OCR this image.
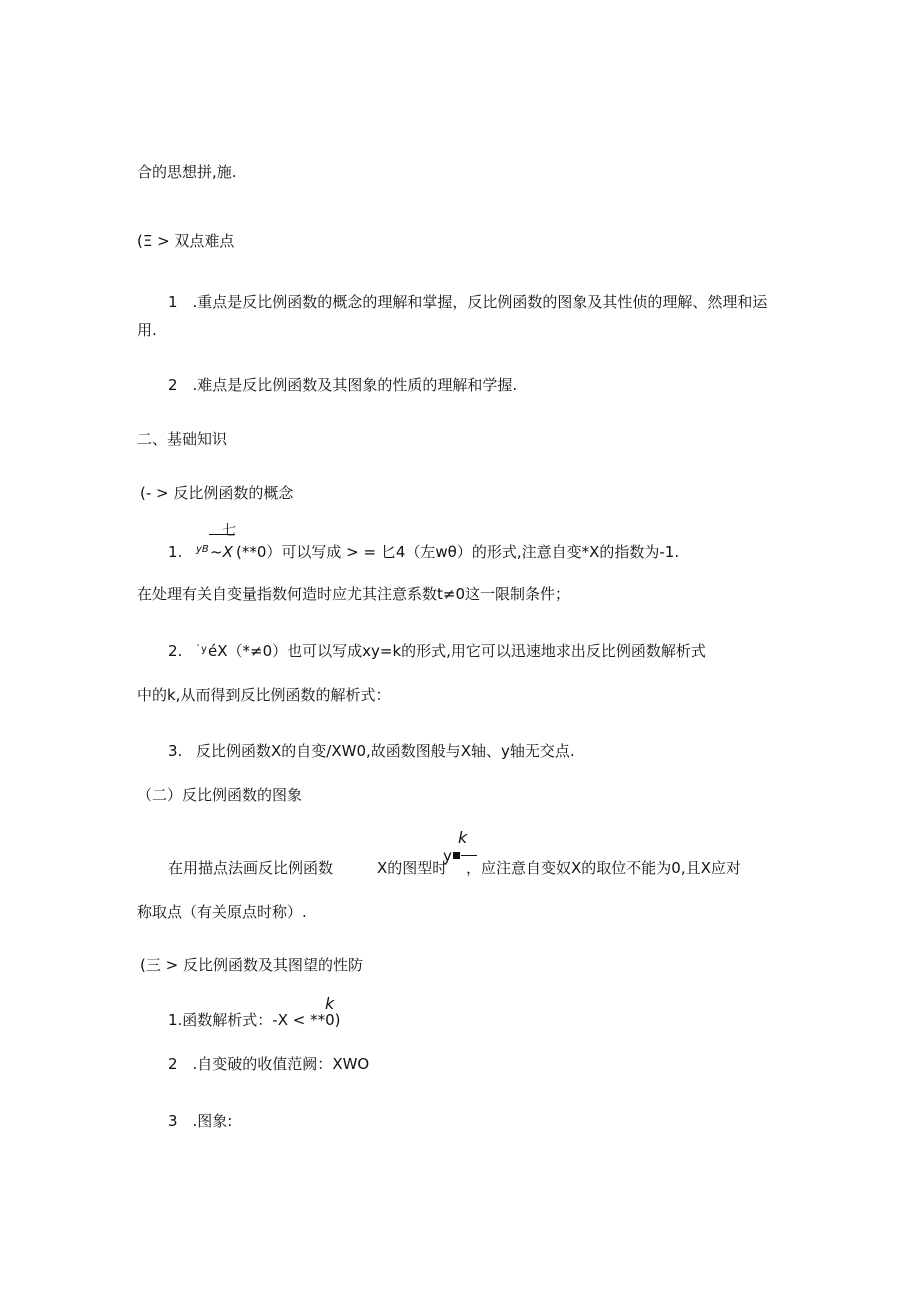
合的思想拼,施.
(Ξ > 双点难点
1　.重点是反比例函数的概念的理解和掌握，反比例函数的图象及其性侦的理解、然理和运
用.
2　.难点是反比例函数及其图象的性质的理解和学握.
二、基础知识
(- > 反比例函数的概念
1. yB ~X
七
(**0）可以写成 > = 匕4（左wθ）的形式,注意自变*X的指数为-1.
在处理有关自变量指数何造时应尤其注意系数t≠0这一限制条件；
2. `y éX（*≠0）也可以写成xy=k的形式,用它可以迅速地求出反比例函数解析式
中的k,从而得到反比例函数的解析式：
3. 反比例函数X的自变/XW0,故函数图般与X轴、y轴无交点.
（二）反比例函数的图象
在用描点法画反比例函数	X的图型时
k
y
，应注意自变奴X的取位不能为0,且X应对
称取点（有关原点时称）.
(三 > 反比例函数及其图望的性防
k
1.函数解析式：-X < **0)
2　.自变破的收值范阙：XWO
3　.图象:
